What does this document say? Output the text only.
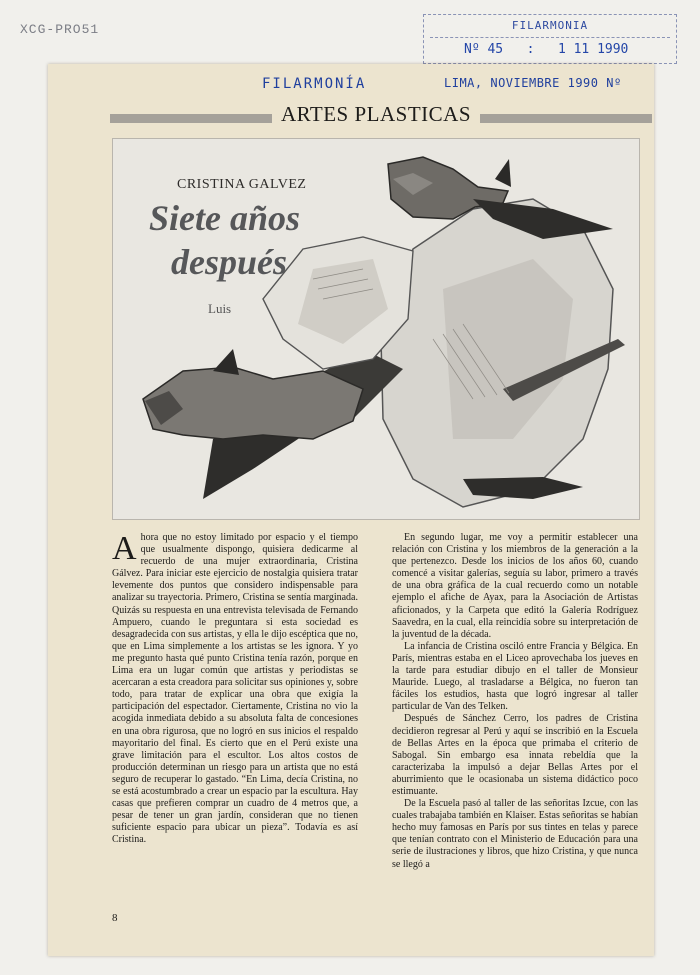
XCG-PRO51	FILARMONIA
Nº 45 : 1 11 1990
FILARMONÍA	LIMA, NOVIEMBRE 1990 Nº
ARTES PLASTICAS
CRISTINA GALVEZ
Siete años
después
Luis

Ahora que no estoy limitado por espacio y el tiempo que usualmente dispongo, quisiera dedicarme al recuerdo de una mujer extraordinaria, Cristina Gálvez. Para iniciar este ejercicio de nostalgia quisiera tratar levemente dos puntos que considero indispensable para analizar su trayectoria. Primero, Cristina se sentía marginada. Quizás su respuesta en una entrevista televisada de Fernando Ampuero, cuando le preguntara si esta sociedad es desagradecida con sus artistas, y ella le dijo escéptica que no, que en Lima simplemente a los artistas se les ignora. Y yo me pregunto hasta qué punto Cristina tenía razón, porque en Lima era un lugar común que artistas y periodistas se acercaran a esta creadora para solicitar sus opiniones y, sobre todo, para tratar de explicar una obra que exigía la participación del espectador. Ciertamente, Cristina no vio la acogida inmediata debido a su absoluta falta de concesiones en una obra rigurosa, que no logró en sus inicios el respaldo mayoritario del final. Es cierto que en el Perú existe una grave limitación para el escultor. Los altos costos de producción determinan un riesgo para un artista que no está seguro de recuperar lo gastado. “En Lima, decía Cristina, no se está acostumbrado a crear un espacio par la escultura. Hay casas que prefieren comprar un cuadro de 4 metros que, a pesar de tener un gran jardín, consideran que no tienen suficiente espacio para ubicar un pieza”. Todavía es así Cristina.

En segundo lugar, me voy a permitir establecer una relación con Cristina y los miembros de la generación a la que pertenezco. Desde los inicios de los años 60, cuando comencé a visitar galerías, seguía su labor, primero a través de una obra gráfica de la cual recuerdo como un notable ejemplo el afiche de Ayax, para la Asociación de Artistas aficionados, y la Carpeta que editó la Galería Rodríguez Saavedra, en la cual, ella reincidía sobre su interpretación de la juventud de la década.

La infancia de Cristina osciló entre Francia y Bélgica. En París, mientras estaba en el Liceo aprovechaba los jueves en la tarde para estudiar dibujo en el taller de Monsieur Mauride. Luego, al trasladarse a Bélgica, no fueron tan fáciles los estudios, hasta que logró ingresar al taller particular de Van des Telken.

Después de Sánchez Cerro, los padres de Cristina decidieron regresar al Perú y aquí se inscribió en la Escuela de Bellas Artes en la época que primaba el criterio de Sabogal. Sin embargo esa innata rebeldía que la caracterizaba la impulsó a dejar Bellas Artes por el aburrimiento que le ocasionaba un sistema didáctico poco estimuante.

De la Escuela pasó al taller de las señoritas Izcue, con las cuales trabajaba también en Klaiser. Estas señoritas se habían hecho muy famosas en París por sus tintes en telas y parece que tenían contrato con el Ministerio de Educación para una serie de ilustraciones y libros, que hizo Cristina, y que nunca se llegó a

8
